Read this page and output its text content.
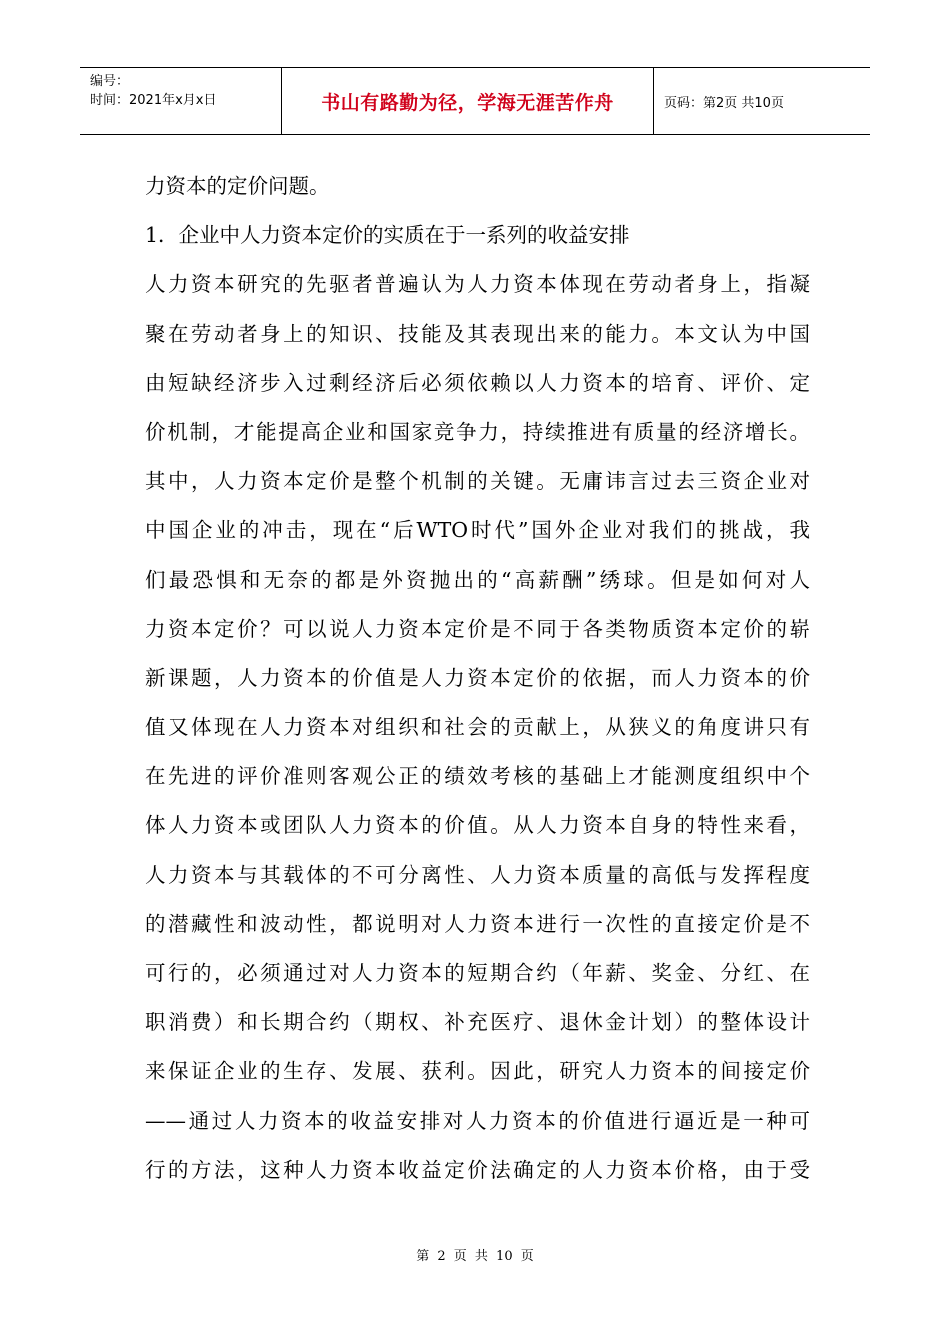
编号：
时间：2021年x月x日	书山有路勤为径，学海无涯苦作舟	页码：第2页 共10页
力资本的定价问题。
1．企业中人力资本定价的实质在于一系列的收益安排
人力资本研究的先驱者普遍认为人力资本体现在劳动者身上，指凝
聚在劳动者身上的知识、技能及其表现出来的能力。本文认为中国
由短缺经济步入过剩经济后必须依赖以人力资本的培育、评价、定
价机制，才能提高企业和国家竞争力，持续推进有质量的经济增长。
其中，人力资本定价是整个机制的关键。无庸讳言过去三资企业对
中国企业的冲击，现在“后WTO时代”国外企业对我们的挑战，我
们最恐惧和无奈的都是外资抛出的“高薪酬”绣球。但是如何对人
力资本定价？可以说人力资本定价是不同于各类物质资本定价的崭
新课题，人力资本的价值是人力资本定价的依据，而人力资本的价
值又体现在人力资本对组织和社会的贡献上，从狭义的角度讲只有
在先进的评价准则客观公正的绩效考核的基础上才能测度组织中个
体人力资本或团队人力资本的价值。从人力资本自身的特性来看，
人力资本与其载体的不可分离性、人力资本质量的高低与发挥程度
的潜藏性和波动性，都说明对人力资本进行一次性的直接定价是不
可行的，必须通过对人力资本的短期合约（年薪、奖金、分红、在
职消费）和长期合约（期权、补充医疗、退休金计划）的整体设计
来保证企业的生存、发展、获利。因此，研究人力资本的间接定价
——通过人力资本的收益安排对人力资本的价值进行逼近是一种可
行的方法，这种人力资本收益定价法确定的人力资本价格，由于受
第 2 页 共 10 页
